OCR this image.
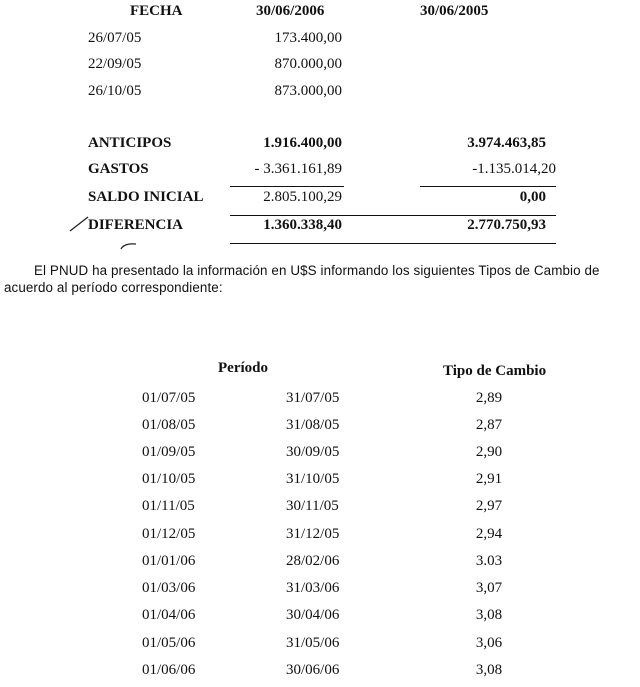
FECHA	30/06/2006	30/06/2005
26/07/05	173.400,00
22/09/05	870.000,00
26/10/05	873.000,00
ANTICIPOS	1.916.400,00	3.974.463,85
GASTOS	- 3.361.161,89	-1.135.014,20
SALDO INICIAL	2.805.100,29	0,00
DIFERENCIA	1.360.338,40	2.770.750,93
El PNUD ha presentado la información en U$S informando los siguientes Tipos de Cambio de acuerdo al período correspondiente:
Período	Tipo de Cambio
01/07/05	31/07/05	2,89
01/08/05	31/08/05	2,87
01/09/05	30/09/05	2,90
01/10/05	31/10/05	2,91
01/11/05	30/11/05	2,97
01/12/05	31/12/05	2,94
01/01/06	28/02/06	3.03
01/03/06	31/03/06	3,07
01/04/06	30/04/06	3,08
01/05/06	31/05/06	3,06
01/06/06	30/06/06	3,08
